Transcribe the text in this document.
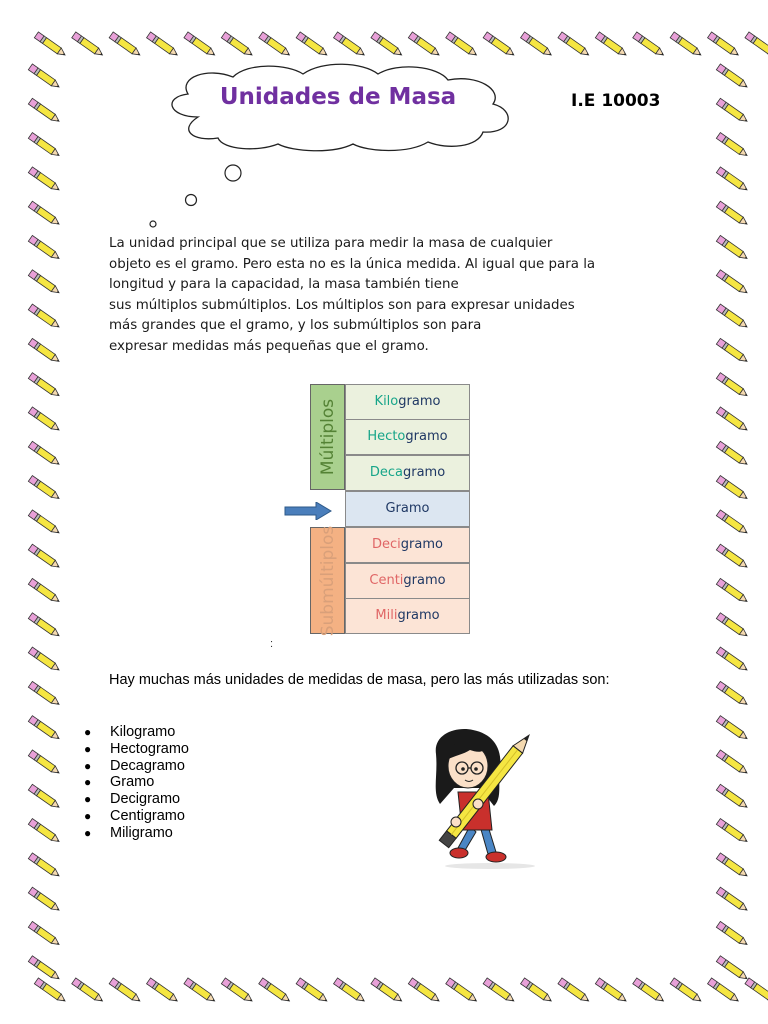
Unidades de Masa	I.E 10003
La unidad principal que se utiliza para medir la masa de cualquier
objeto es el gramo. Pero esta no es la única medida. Al igual que para la
longitud y para la capacidad, la masa también tiene
sus múltiplos submúltiplos. Los múltiplos son para expresar unidades
más grandes que el gramo, y los submúltiplos son para
expresar medidas más pequeñas que el gramo.
Múltiplos
Submúltiplos
Kilogramo
Hectogramo
Decagramo
Gramo
Decigramo
Centigramo
Miligramo
:
Hay muchas más unidades de medidas de masa, pero las más utilizadas son:
● Kilogramo
● Hectogramo
● Decagramo
● Gramo
● Decigramo
● Centigramo
● Miligramo
